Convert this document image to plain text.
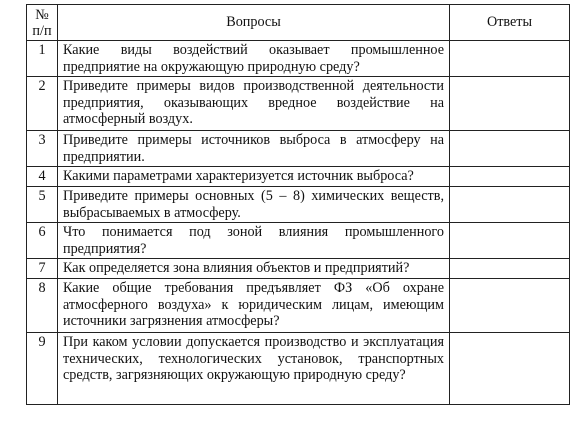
№ п/п	Вопросы	Ответы
1	Какие виды воздействий оказывает промышленное предприятие на окружающую природную среду?	
2	Приведите примеры видов производственной деятельности предприятия, оказывающих вредное воздействие на атмосферный воздух.	
3	Приведите примеры источников выброса в атмосферу на предприятии.	
4	Какими параметрами характеризуется источник выброса?	
5	Приведите примеры основных (5 – 8) химических веществ, выбрасываемых в атмосферу.	
6	Что понимается под зоной влияния промышленного предприятия?	
7	Как определяется зона влияния объектов и предприятий?	
8	Какие общие требования предъявляет ФЗ «Об охране атмосферного воздуха» к юридическим лицам, имеющим источники загрязнения атмосферы?	
9	При каком условии допускается производство и эксплуатация технических, технологических установок, транспортных средств, загрязняющих окружающую природную среду?	
